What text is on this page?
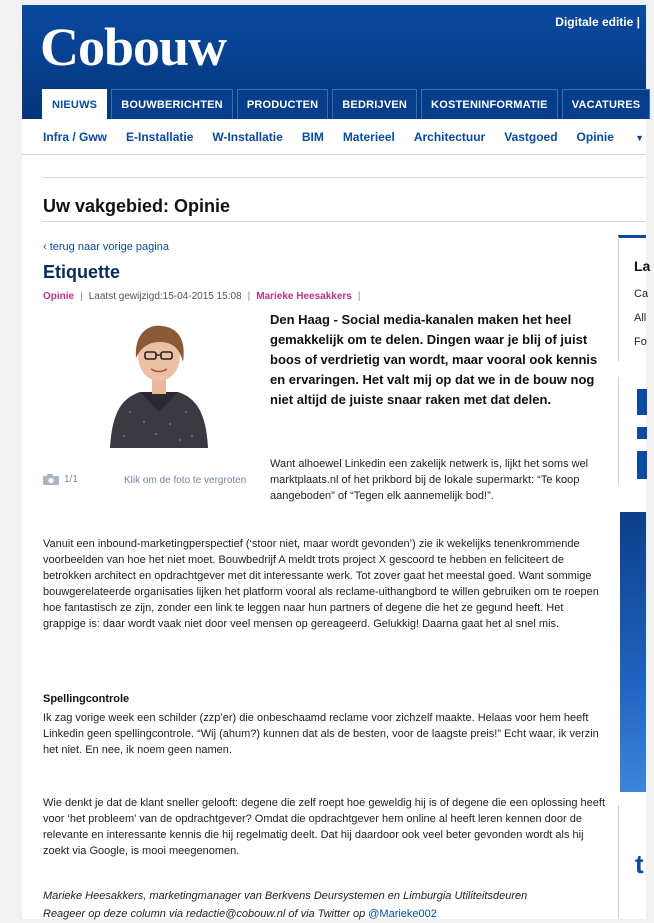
Cobouw	Digitale editie |
NIEUWS	BOUWBERICHTEN	PRODUCTEN	BEDRIJVEN	KOSTENINFORMATIE	VACATURES
Infra / Gww E-Installatie W-Installatie BIM Materieel Architectuur Vastgoed Opinie ▼
Uw vakgebied: Opinie
‹ terug naar vorige pagina
Etiquette
Opinie | Laatst gewijzigd:15-04-2015 15:08 | Marieke Heesakkers |
1/1	Klik om de foto te vergroten
Den Haag - Social media-kanalen maken het heel gemakkelijk om te delen. Dingen waar je blij of juist boos of verdrietig van wordt, maar vooral ook kennis en ervaringen. Het valt mij op dat we in de bouw nog niet altijd de juiste snaar raken met dat delen.
Want alhoewel Linkedin een zakelijk netwerk is, lijkt het soms wel marktplaats.nl of het prikbord bij de lokale supermarkt: “Te koop aangeboden” of “Tegen elk aannemelijk bod!”.
Vanuit een inbound-marketingperspectief (‘stoor niet, maar wordt gevonden’) zie ik wekelijks tenenkrommende voorbeelden van hoe het niet moet. Bouwbedrijf A meldt trots project X gescoord te hebben en feliciteert de betrokken architect en opdrachtgever met dit interessante werk. Tot zover gaat het meestal goed. Want sommige bouwgerelateerde organisaties lijken het platform vooral als reclame-uithangbord te willen gebruiken om te roepen hoe fantastisch ze zijn, zonder een link te leggen naar hun partners of degene die het ze gegund heeft. Het grappige is: daar wordt vaak niet door veel mensen op gereageerd. Gelukkig! Daarna gaat het al snel mis.
Spellingcontrole
Ik zag vorige week een schilder (zzp’er) die onbeschaamd reclame voor zichzelf maakte. Helaas voor hem heeft Linkedin geen spellingcontrole. “Wij (ahum?) kunnen dat als de besten, voor de laagste preis!” Echt waar, ik verzin het niet. En nee, ik noem geen namen.
Wie denkt je dat de klant sneller gelooft: degene die zelf roept hoe geweldig hij is of degene die een oplossing heeft voor ‘het probleem’ van de opdrachtgever? Omdat die opdrachtgever hem online al heeft leren kennen door de relevante en interessante kennis die hij regelmatig deelt. Dat hij daardoor ook veel beter gevonden wordt als hij zoekt via Google, is mooi meegenomen.
Marieke Heesakkers, marketingmanager van Berkvens Deursystemen en Limburgia Utiliteitsdeuren
Reageer op deze column via redactie@cobouw.nl of via Twitter op @Marieke002
La
Ca
All
Fo
t
